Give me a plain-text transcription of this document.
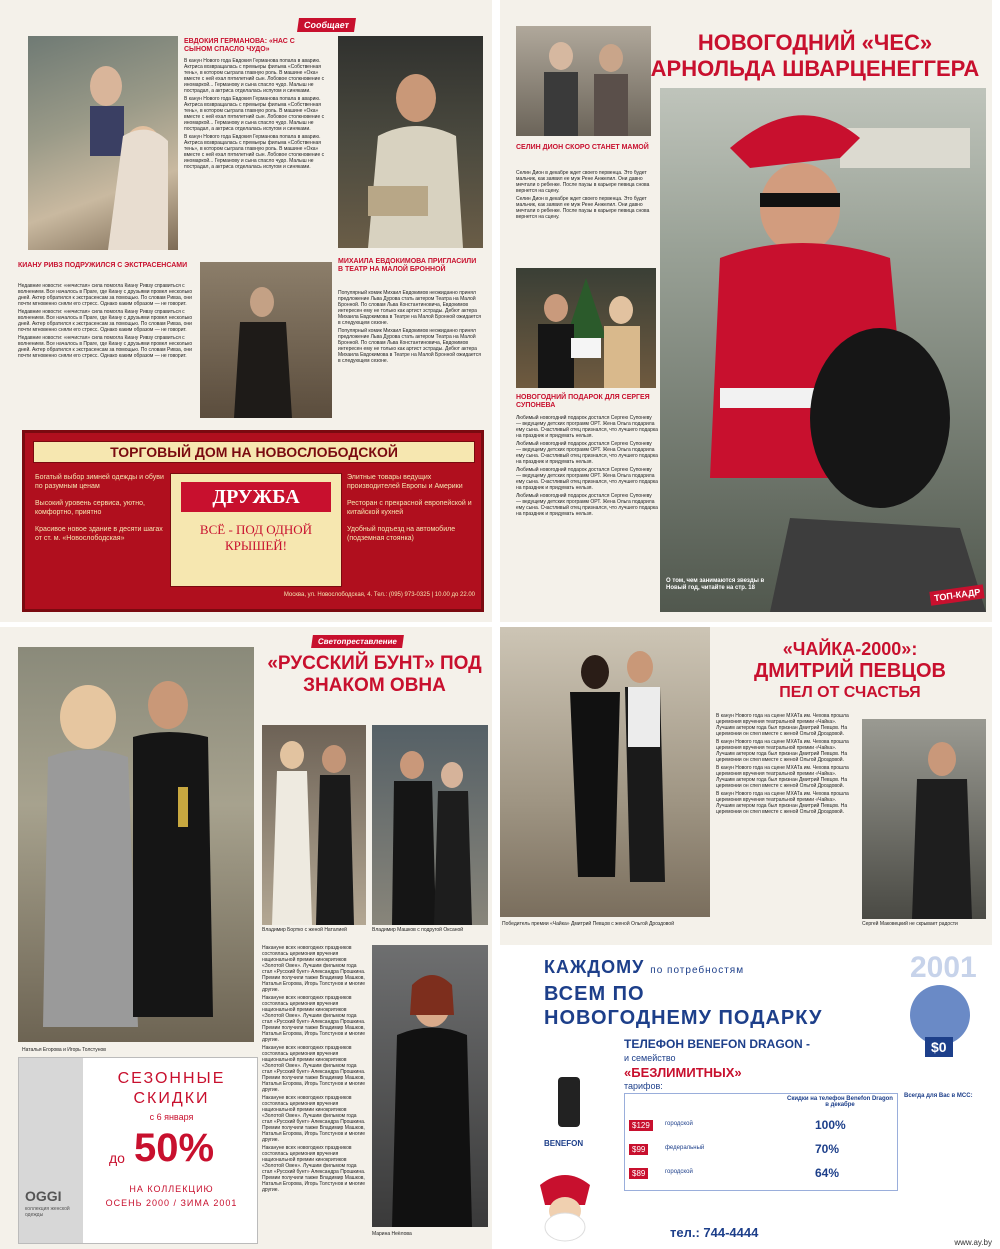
Сообщает
ЕВДОКИЯ ГЕРМАНОВА: «НАС С СЫНОМ СПАСЛО ЧУДО»

В канун Нового года Евдокия Германова попала в аварию. Актриса возвращалась с премьеры фильма «Собственная тень», в котором сыграла главную роль. В машине «Ока» вместе с ней ехал пятилетний сын. Лобовое столкновение с иномаркой... Германову и сына спасло чудо. Малыш не пострадал, а актриса отделалась испугом и синяками.

В канун Нового года Евдокия Германова попала в аварию. Актриса возвращалась с премьеры фильма «Собственная тень», в котором сыграла главную роль. В машине «Ока» вместе с ней ехал пятилетний сын. Лобовое столкновение с иномаркой... Германову и сына спасло чудо. Малыш не пострадал, а актриса отделалась испугом и синяками.

В канун Нового года Евдокия Германова попала в аварию. Актриса возвращалась с премьеры фильма «Собственная тень», в котором сыграла главную роль. В машине «Ока» вместе с ней ехал пятилетний сын. Лобовое столкновение с иномаркой... Германову и сына спасло чудо. Малыш не пострадал, а актриса отделалась испугом и синяками.

КИАНУ РИВЗ ПОДРУЖИЛСЯ С ЭКСТРАСЕНСАМИ

Недавние новости: «нечистая» сила помогла Киану Ривзу справиться с волнением. Все началось в Праге, где Киану с друзьями провел несколько дней. Актер обратился к экстрасенсам за помощью. По словам Ривза, они почти мгновенно сняли его стресс. Однако каким образом — не говорит.

Недавние новости: «нечистая» сила помогла Киану Ривзу справиться с волнением. Все началось в Праге, где Киану с друзьями провел несколько дней. Актер обратился к экстрасенсам за помощью. По словам Ривза, они почти мгновенно сняли его стресс. Однако каким образом — не говорит.

Недавние новости: «нечистая» сила помогла Киану Ривзу справиться с волнением. Все началось в Праге, где Киану с друзьями провел несколько дней. Актер обратился к экстрасенсам за помощью. По словам Ривза, они почти мгновенно сняли его стресс. Однако каким образом — не говорит.

МИХАИЛА ЕВДОКИМОВА ПРИГЛАСИЛИ В ТЕАТР НА МАЛОЙ БРОННОЙ

Популярный комик Михаил Евдокимов неожиданно принял предложение Льва Дурова стать актером Театра на Малой Бронной. По словам Льва Константиновича, Евдокимов интересен ему не только как артист эстрады. Дебют актера Михаила Евдокимова в Театре на Малой Бронной ожидается в следующем сезоне.

Популярный комик Михаил Евдокимов неожиданно принял предложение Льва Дурова стать актером Театра на Малой Бронной. По словам Льва Константиновича, Евдокимов интересен ему не только как артист эстрады. Дебют актера Михаила Евдокимова в Театре на Малой Бронной ожидается в следующем сезоне.

ТОРГОВЫЙ ДОМ НА НОВОСЛОБОДСКОЙ

Богатый выбор зимней одежды и обуви по разумным ценам

Высокий уровень сервиса, уютно, комфортно, приятно

Красивое новое здание в десяти шагах от ст. м. «Новослободская»

ДРУЖБА
ВСЁ - ПОД ОДНОЙ КРЫШЕЙ!

Элитные товары ведущих производителей Европы и Америки

Ресторан с прекрасной европейской и китайской кухней

Удобный подъезд на автомобиле (подземная стоянка)

Москва, ул. Новослободская, 4. Тел.: (095) 973-0325 | 10.00 до 22.00
НОВОГОДНИЙ «ЧЕС» АРНОЛЬДА ШВАРЦЕНЕГГЕРА
СЕЛИН ДИОН СКОРО СТАНЕТ МАМОЙ

Селин Дион в декабре ждет своего первенца. Это будет мальчик, как заявил ее муж Рене Анжелил. Они давно мечтали о ребенке. После паузы в карьере певица снова вернется на сцену.

Селин Дион в декабре ждет своего первенца. Это будет мальчик, как заявил ее муж Рене Анжелил. Они давно мечтали о ребенке. После паузы в карьере певица снова вернется на сцену.

НОВОГОДНИЙ ПОДАРОК ДЛЯ СЕРГЕЯ СУПОНЕВА

Любимый новогодний подарок достался Сергею Супоневу — ведущему детских программ ОРТ. Жена Ольга подарила ему сына. Счастливый отец признался, что лучшего подарка на праздник и придумать нельзя.

Любимый новогодний подарок достался Сергею Супоневу — ведущему детских программ ОРТ. Жена Ольга подарила ему сына. Счастливый отец признался, что лучшего подарка на праздник и придумать нельзя.

Любимый новогодний подарок достался Сергею Супоневу — ведущему детских программ ОРТ. Жена Ольга подарила ему сына. Счастливый отец признался, что лучшего подарка на праздник и придумать нельзя.

Любимый новогодний подарок достался Сергею Супоневу — ведущему детских программ ОРТ. Жена Ольга подарила ему сына. Счастливый отец признался, что лучшего подарка на праздник и придумать нельзя.

О том, чем занимаются звезды в Новый год, читайте на стр. 18	ТОП-КАДР
Наталья Егорова и Игорь Толстунов
Светопреставление
«РУССКИЙ БУНТ» ПОД ЗНАКОМ ОВНА
Владимир Бортко с женой Наталией	Владимир Машков с подругой Оксаной

Накануне всех новогодних праздников состоялась церемония вручения национальной премии кинокритиков «Золотой Овен». Лучшим фильмом года стал «Русский бунт» Александра Прошкина. Премии получили также Владимир Машков, Наталья Егорова, Игорь Толстунов и многие другие.

Накануне всех новогодних праздников состоялась церемония вручения национальной премии кинокритиков «Золотой Овен». Лучшим фильмом года стал «Русский бунт» Александра Прошкина. Премии получили также Владимир Машков, Наталья Егорова, Игорь Толстунов и многие другие.

Накануне всех новогодних праздников состоялась церемония вручения национальной премии кинокритиков «Золотой Овен». Лучшим фильмом года стал «Русский бунт» Александра Прошкина. Премии получили также Владимир Машков, Наталья Егорова, Игорь Толстунов и многие другие.

Накануне всех новогодних праздников состоялась церемония вручения национальной премии кинокритиков «Золотой Овен». Лучшим фильмом года стал «Русский бунт» Александра Прошкина. Премии получили также Владимир Машков, Наталья Егорова, Игорь Толстунов и многие другие.

Накануне всех новогодних праздников состоялась церемония вручения национальной премии кинокритиков «Золотой Овен». Лучшим фильмом года стал «Русский бунт» Александра Прошкина. Премии получили также Владимир Машков, Наталья Егорова, Игорь Толстунов и многие другие.

Марина Неёлова
OGGI
коллекция женской одежды
СЕЗОННЫЕ
СКИДКИ
с 6 января
до 50%
НА КОЛЛЕКЦИЮ
ОСЕНЬ 2000 / ЗИМА 2001
Победитель премии «Чайка» Дмитрий Певцов с женой Ольгой Дроздовой
«ЧАЙКА-2000»:
ДМИТРИЙ ПЕВЦОВ
ПЕЛ ОТ СЧАСТЬЯ

В канун Нового года на сцене МХАТа им. Чехова прошла церемония вручения театральной премии «Чайка». Лучшим актером года был признан Дмитрий Певцов. На церемонии он спел вместе с женой Ольгой Дроздовой.

В канун Нового года на сцене МХАТа им. Чехова прошла церемония вручения театральной премии «Чайка». Лучшим актером года был признан Дмитрий Певцов. На церемонии он спел вместе с женой Ольгой Дроздовой.

В канун Нового года на сцене МХАТа им. Чехова прошла церемония вручения театральной премии «Чайка». Лучшим актером года был признан Дмитрий Певцов. На церемонии он спел вместе с женой Ольгой Дроздовой.

В канун Нового года на сцене МХАТа им. Чехова прошла церемония вручения театральной премии «Чайка». Лучшим актером года был признан Дмитрий Певцов. На церемонии он спел вместе с женой Ольгой Дроздовой.

Сергей Маковецкий не скрывает радости
КАЖДОМУ по потребностям
ВСЕМ ПО
НОВОГОДНЕМУ ПОДАРКУ
2001
$0
ТЕЛЕФОН BENEFON DRAGON -
и семейство
«БЕЗЛИМИТНЫХ»
тарифов:
BENEFON
Скидки на телефон Benefon Dragon в декабре
$129	городской	100%
$99	федеральный	70%
$89	городской	64%
Всегда для Вас в МСС:
тел.: 744-4444
www.ay.by
